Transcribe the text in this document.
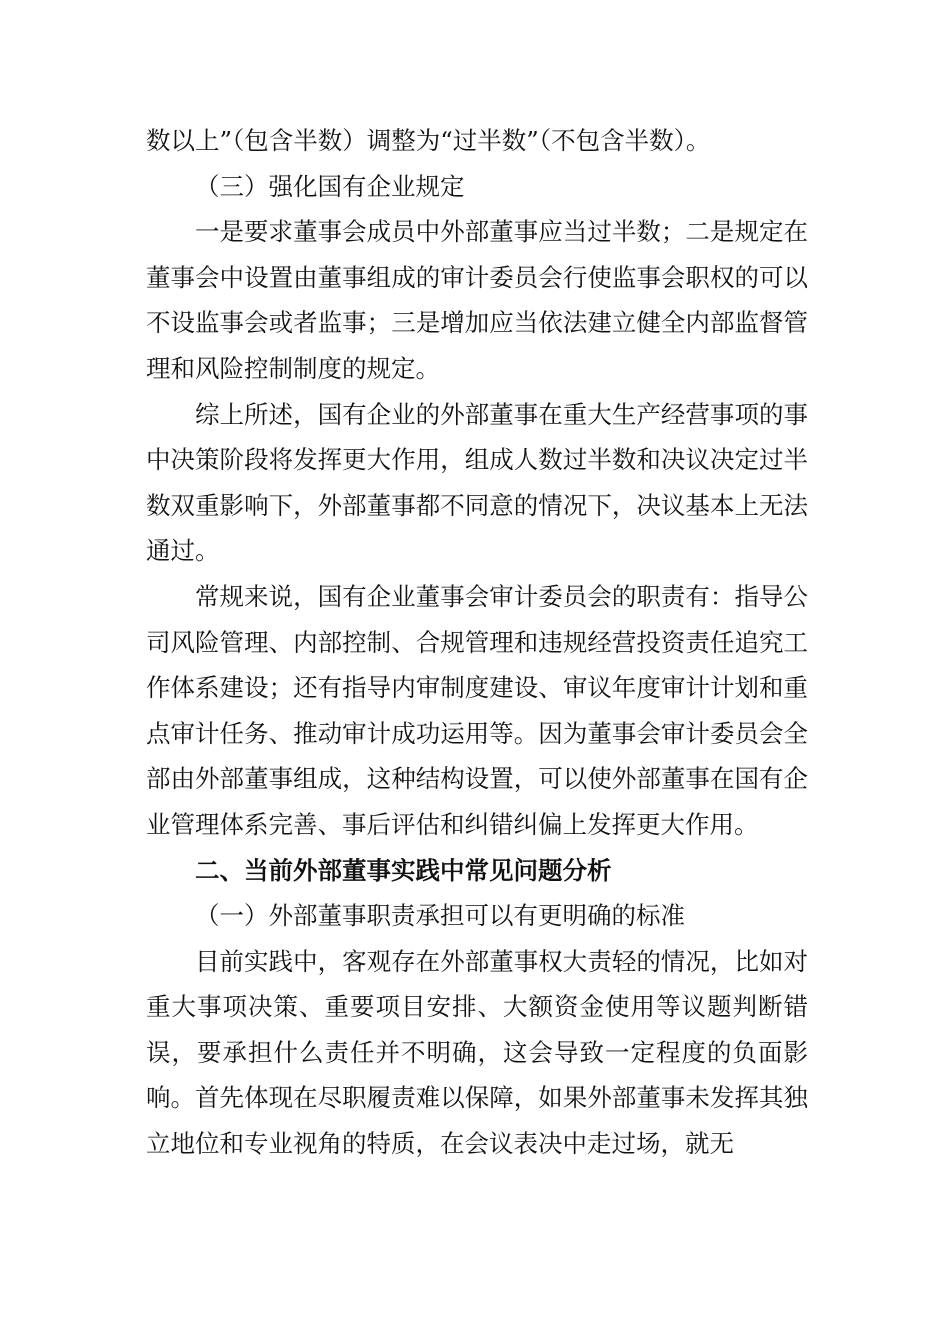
数以上”（包含半数）调整为“过半数”（不包含半数）。

（三）强化国有企业规定

一是要求董事会成员中外部董事应当过半数；二是规定在董事会中设置由董事组成的审计委员会行使监事会职权的可以不设监事会或者监事；三是增加应当依法建立健全内部监督管理和风险控制制度的规定。

综上所述，国有企业的外部董事在重大生产经营事项的事中决策阶段将发挥更大作用，组成人数过半数和决议决定过半数双重影响下，外部董事都不同意的情况下，决议基本上无法通过。

常规来说，国有企业董事会审计委员会的职责有：指导公司风险管理、内部控制、合规管理和违规经营投资责任追究工作体系建设；还有指导内审制度建设、审议年度审计计划和重点审计任务、推动审计成功运用等。因为董事会审计委员会全部由外部董事组成，这种结构设置，可以使外部董事在国有企业管理体系完善、事后评估和纠错纠偏上发挥更大作用。

二、当前外部董事实践中常见问题分析

（一）外部董事职责承担可以有更明确的标准

目前实践中，客观存在外部董事权大责轻的情况，比如对重大事项决策、重要项目安排、大额资金使用等议题判断错误，要承担什么责任并不明确，这会导致一定程度的负面影响。首先体现在尽职履责难以保障，如果外部董事未发挥其独立地位和专业视角的特质，在会议表决中走过场，就无
